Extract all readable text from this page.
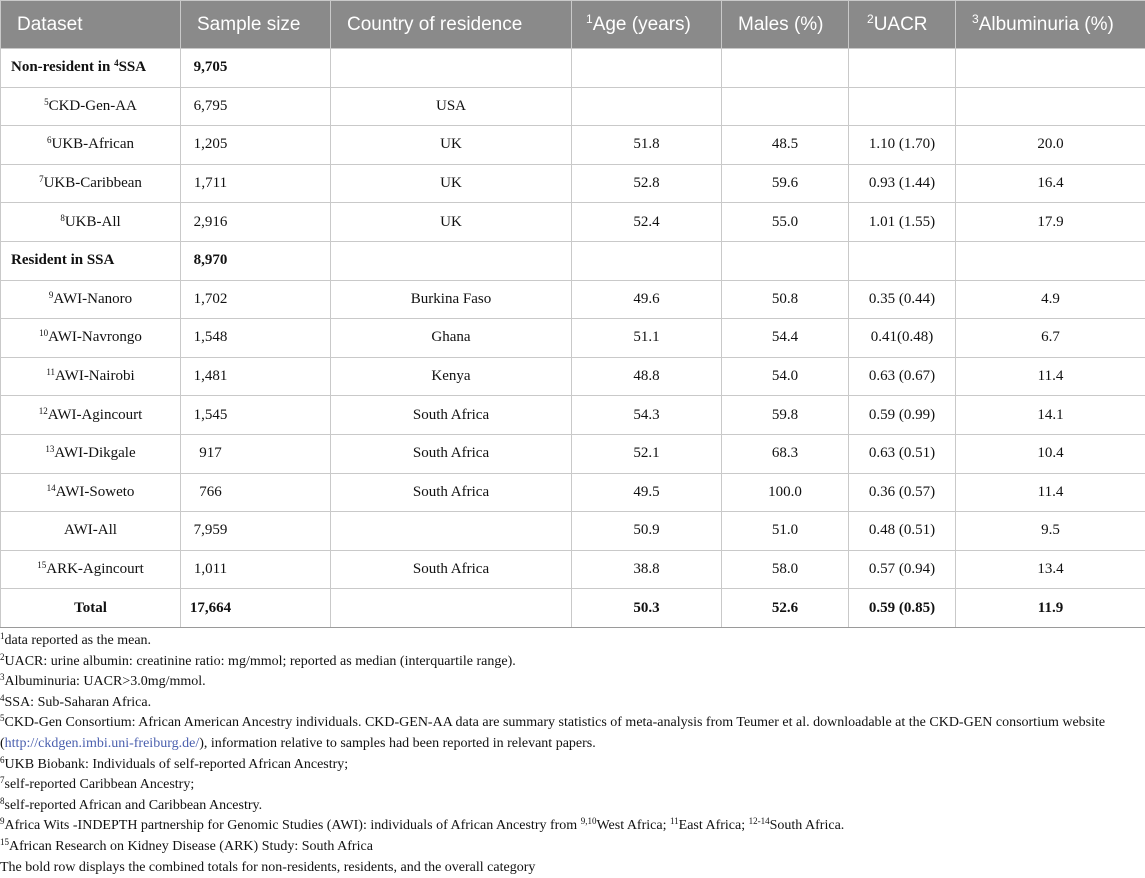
Dataset	Sample size	Country of residence	$^1$Age (years)	Males (%)	$^2$UACR	$^3$Albuminuria (%)
Non-resident in $^4$SSA	9,705					
$^5$CKD-Gen-AA	6,795	USA				
$^6$UKB-African	1,205	UK	51.8	48.5	1.10 (1.70)	20.0
$^7$UKB-Caribbean	1,711	UK	52.8	59.6	0.93 (1.44)	16.4
$^8$UKB-All	2,916	UK	52.4	55.0	1.01 (1.55)	17.9
Resident in SSA	8,970					
$^9$AWI-Nanoro	1,702	Burkina Faso	49.6	50.8	0.35 (0.44)	4.9
$^{10}$AWI-Navrongo	1,548	Ghana	51.1	54.4	0.41(0.48)	6.7
$^{11}$AWI-Nairobi	1,481	Kenya	48.8	54.0	0.63 (0.67)	11.4
$^{12}$AWI-Agincourt	1,545	South Africa	54.3	59.8	0.59 (0.99)	14.1
$^{13}$AWI-Dikgale	917	South Africa	52.1	68.3	0.63 (0.51)	10.4
$^{14}$AWI-Soweto	766	South Africa	49.5	100.0	0.36 (0.57)	11.4
AWI-All	7,959		50.9	51.0	0.48 (0.51)	9.5
$^{15}$ARK-Agincourt	1,011	South Africa	38.8	58.0	0.57 (0.94)	13.4
Total	17,664		50.3	52.6	0.59 (0.85)	11.9

$^1$data reported as the mean.

$^2$UACR: urine albumin: creatinine ratio: mg/mmol; reported as median (interquartile range).

$^3$Albuminuria: UACR>3.0mg/mmol.

$^4$SSA: Sub-Saharan Africa.

$^5$CKD-Gen Consortium: African American Ancestry individuals. CKD-GEN-AA data are summary statistics of meta-analysis from Teumer et al. downloadable at the CKD-GEN consortium website (http://ckdgen.imbi.uni-freiburg.de/), information relative to samples had been reported in relevant papers.

$^6$UKB Biobank: Individuals of self-reported African Ancestry;

$^7$self-reported Caribbean Ancestry;

$^8$self-reported African and Caribbean Ancestry.

$^9$Africa Wits -INDEPTH partnership for Genomic Studies (AWI): individuals of African Ancestry from $^{9,10}$West Africa; $^{11}$East Africa; $^{12-14}$South Africa.

$^{15}$African Research on Kidney Disease (ARK) Study: South Africa

The bold row displays the combined totals for non-residents, residents, and the overall category
